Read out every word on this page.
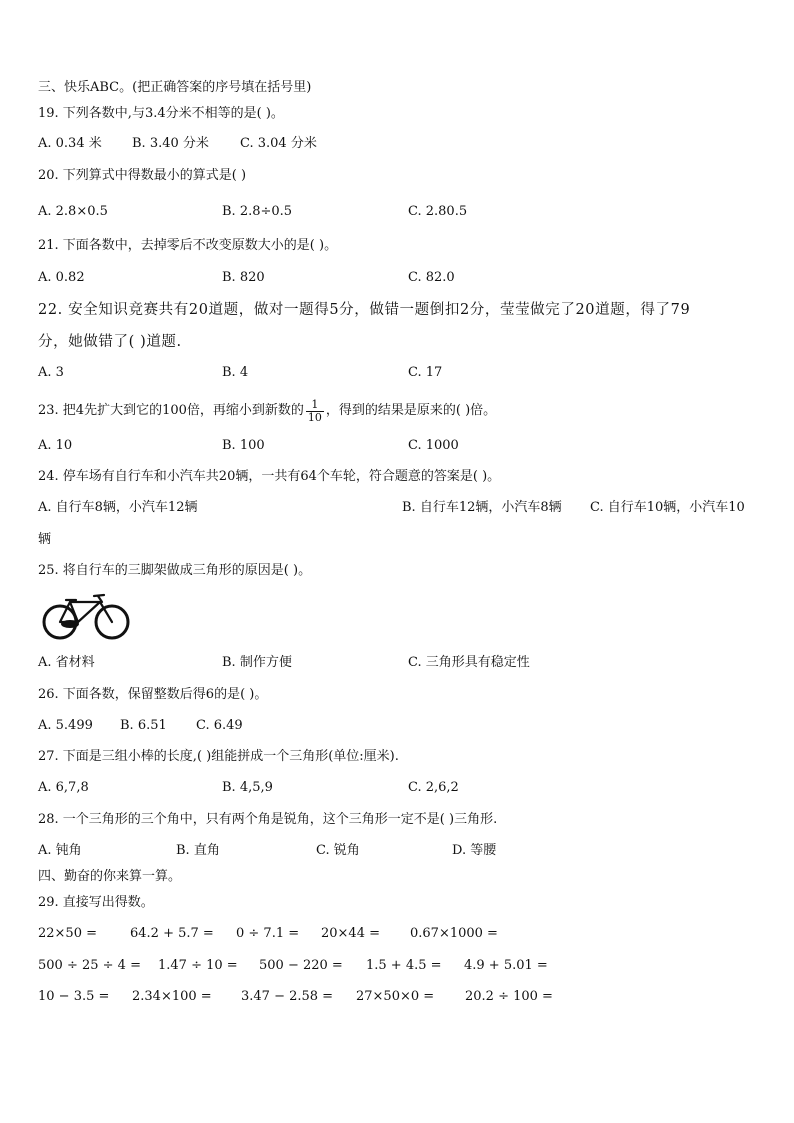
三、快乐ABC。(把正确答案的序号填在括号里)
19. 下列各数中,与3.4分米不相等的是( )。
A. 0.34 米 B. 3.40 分米 C. 3.04 分米
20. 下列算式中得数最小的算式是( )
A. 2.8×0.5	B. 2.8÷0.5	C. 2.80.5
21. 下面各数中，去掉零后不改变原数大小的是( )。
A. 0.82	B. 820	C. 82.0
22. 安全知识竞赛共有20道题，做对一题得5分，做错一题倒扣2分，莹莹做完了20道题，得了79
分，她做错了( )道题.
A. 3	B. 4	C. 17
23. 把4先扩大到它的100倍，再缩小到新数的 $\frac{1}{10}$ ，得到的结果是原来的( )倍。
A. 10	B. 100	C. 1000
24. 停车场有自行车和小汽车共20辆，一共有64个车轮，符合题意的答案是( )。
A. 自行车8辆，小汽车12辆	B. 自行车12辆，小汽车8辆 C. 自行车10辆，小汽车10
辆
25. 将自行车的三脚架做成三角形的原因是( )。
A. 省材料	B. 制作方便	C. 三角形具有稳定性
26. 下面各数，保留整数后得6的是( )。
A. 5.499 B. 6.51 C. 6.49
27. 下面是三组小棒的长度,( )组能拼成一个三角形(单位:厘米).
A. 6,7,8	B. 4,5,9	C. 2,6,2
28. 一个三角形的三个角中，只有两个角是锐角，这个三角形一定不是( )三角形.
A. 钝角	B. 直角	C. 锐角	D. 等腰
四、勤奋的你来算一算。
29. 直接写出得数。
22×50 =	64.2 + 5.7 = 0 ÷ 7.1 = 20×44 = 0.67×1000 =
500 ÷ 25 ÷ 4 = 1.47 ÷ 10 = 500 − 220 = 1.5 + 4.5 = 4.9 + 5.01 =
10 − 3.5 = 2.34×100 = 3.47 − 2.58 = 27×50×0 = 20.2 ÷ 100 =
